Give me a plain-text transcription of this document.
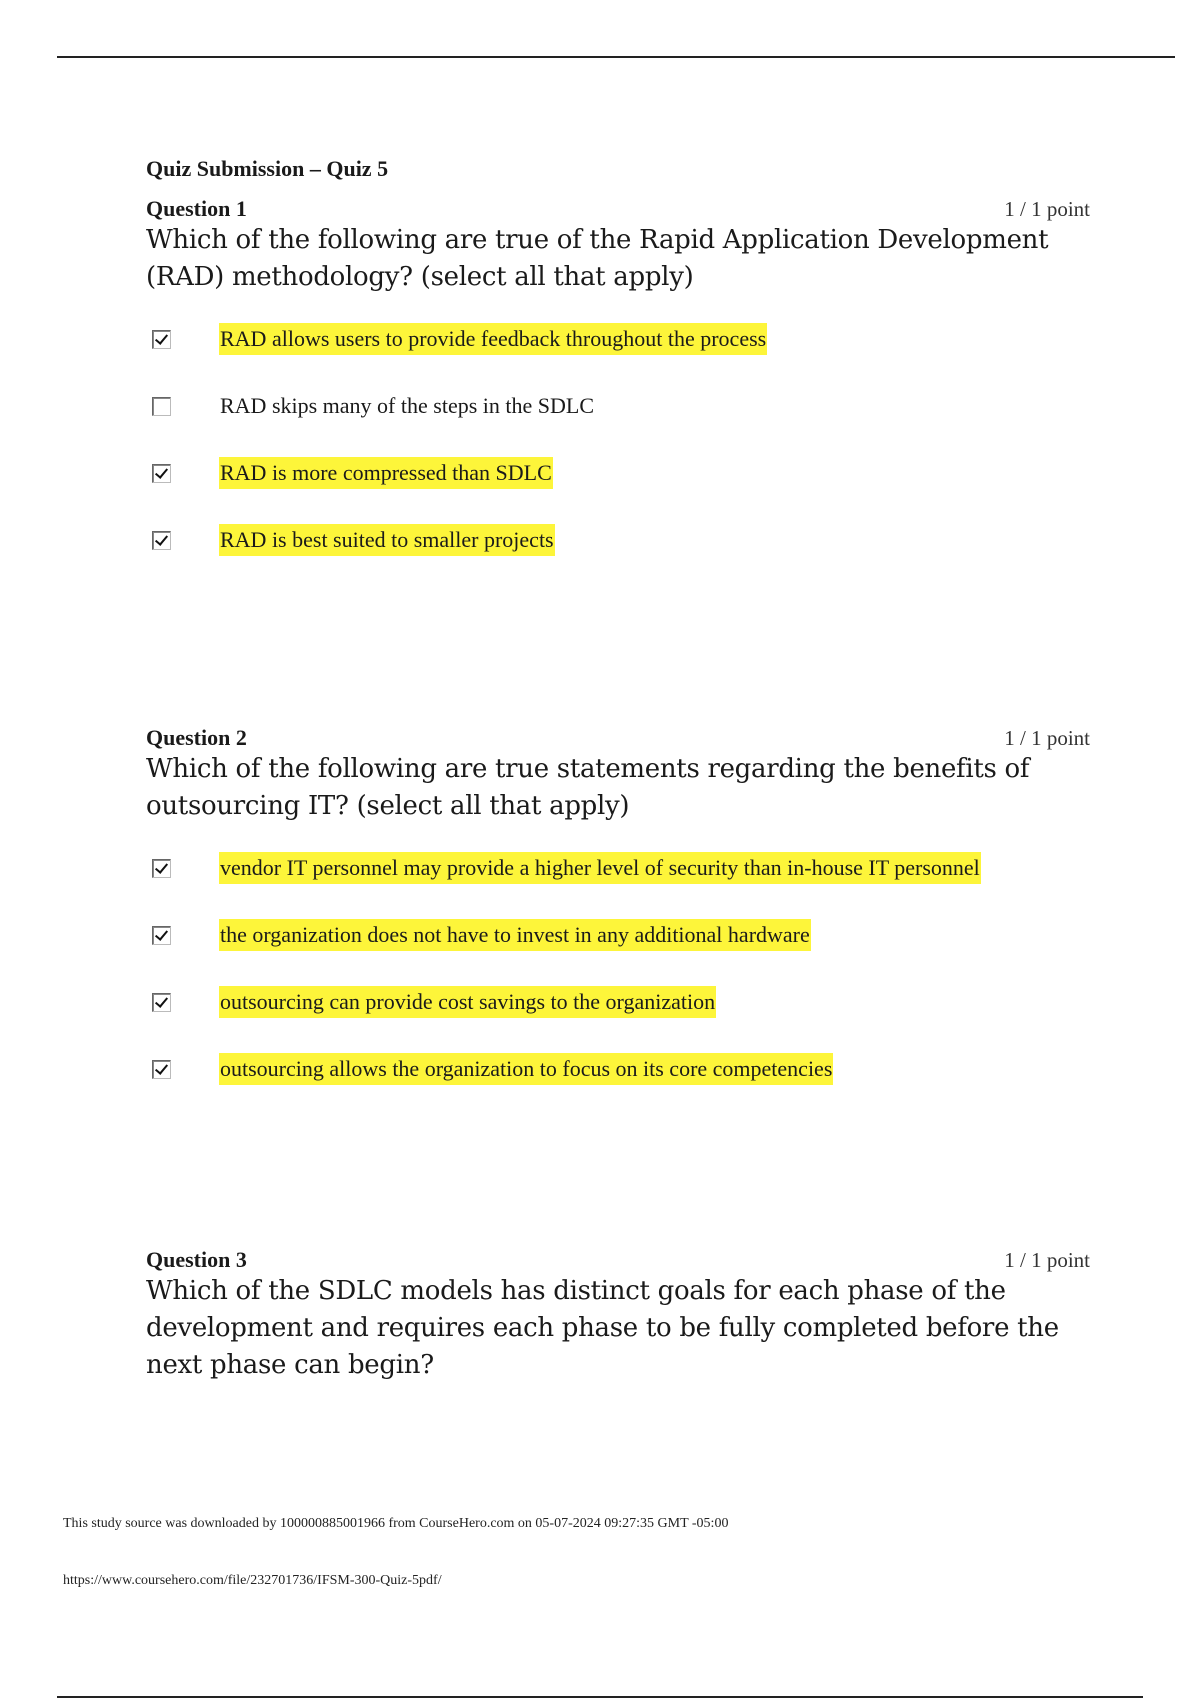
Quiz Submission – Quiz 5
Question 1	1 / 1 point

Which of the following are true of the Rapid Application Development
(RAD) methodology? (select all that apply)

RAD allows users to provide feedback throughout the process
RAD skips many of the steps in the SDLC
RAD is more compressed than SDLC
RAD is best suited to smaller projects
Question 2	1 / 1 point

Which of the following are true statements regarding the benefits of
outsourcing IT? (select all that apply)

vendor IT personnel may provide a higher level of security than in-house IT personnel
the organization does not have to invest in any additional hardware
outsourcing can provide cost savings to the organization
outsourcing allows the organization to focus on its core competencies
Question 3	1 / 1 point

Which of the SDLC models has distinct goals for each phase of the
development and requires each phase to be fully completed before the
next phase can begin?

This study source was downloaded by 100000885001966 from CourseHero.com on 05-07-2024 09:27:35 GMT -05:00
https://www.coursehero.com/file/232701736/IFSM-300-Quiz-5pdf/
